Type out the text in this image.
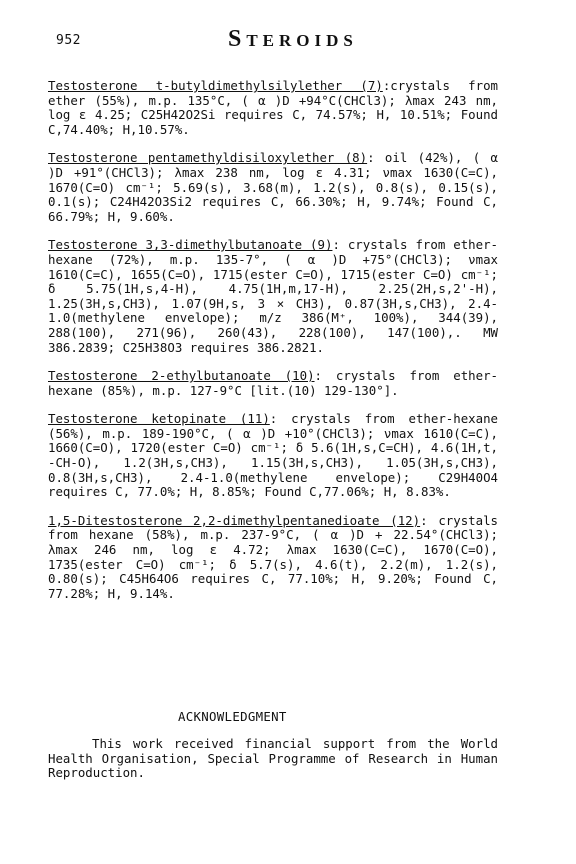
952	Steroids

Testosterone t-butyldimethylsilylether (7):crystals from ether (55%), m.p. 135°C, ( α )D +94°C(CHCl3); λmax 243 nm, log ε 4.25; C25H42O2Si requires C, 74.57%; H, 10.51%; Found C,74.40%; H,10.57%.

Testosterone pentamethyldisiloxylether (8): oil (42%), ( α )D +91°(CHCl3); λmax 238 nm, log ε 4.31; νmax 1630(C=C), 1670(C=O) cm⁻¹; 5.69(s), 3.68(m), 1.2(s), 0.8(s), 0.15(s), 0.1(s); C24H42O3Si2 requires C, 66.30%; H, 9.74%; Found C, 66.79%; H, 9.60%.

Testosterone 3,3-dimethylbutanoate (9): crystals from ether-hexane (72%), m.p. 135-7°, ( α )D +75°(CHCl3); νmax 1610(C=C), 1655(C=O), 1715(ester C=O), 1715(ester C=O) cm⁻¹; δ 5.75(1H,s,4-H), 4.75(1H,m,17-H), 2.25(2H,s,2'-H), 1.25(3H,s,CH3), 1.07(9H,s, 3 × CH3), 0.87(3H,s,CH3), 2.4-1.0(methylene envelope); m/z 386(M⁺, 100%), 344(39), 288(100), 271(96), 260(43), 228(100), 147(100),. MW 386.2839; C25H38O3 requires 386.2821.

Testosterone 2-ethylbutanoate (10): crystals from ether-hexane (85%), m.p. 127-9°C [lit.(10) 129-130°].

Testosterone ketopinate (11): crystals from ether-hexane (56%), m.p. 189-190°C, ( α )D +10°(CHCl3); νmax 1610(C=C), 1660(C=O), 1720(ester C=O) cm⁻¹; δ 5.6(1H,s,C=CH), 4.6(1H,t, -CH-O), 1.2(3H,s,CH3), 1.15(3H,s,CH3), 1.05(3H,s,CH3), 0.8(3H,s,CH3), 2.4-1.0(methylene envelope); C29H40O4 requires C, 77.0%; H, 8.85%; Found C,77.06%; H, 8.83%.

1,5-Ditestosterone 2,2-dimethylpentanedioate (12): crystals from hexane (58%), m.p. 237-9°C, ( α )D + 22.54°(CHCl3); λmax 246 nm, log ε 4.72; λmax 1630(C=C), 1670(C=O), 1735(ester C=O) cm⁻¹; δ 5.7(s), 4.6(t), 2.2(m), 1.2(s), 0.80(s); C45H64O6 requires C, 77.10%; H, 9.20%; Found C, 77.28%; H, 9.14%.

ACKNOWLEDGMENT

This work received financial support from the World Health Organisation, Special Programme of Research in Human Reproduction.
